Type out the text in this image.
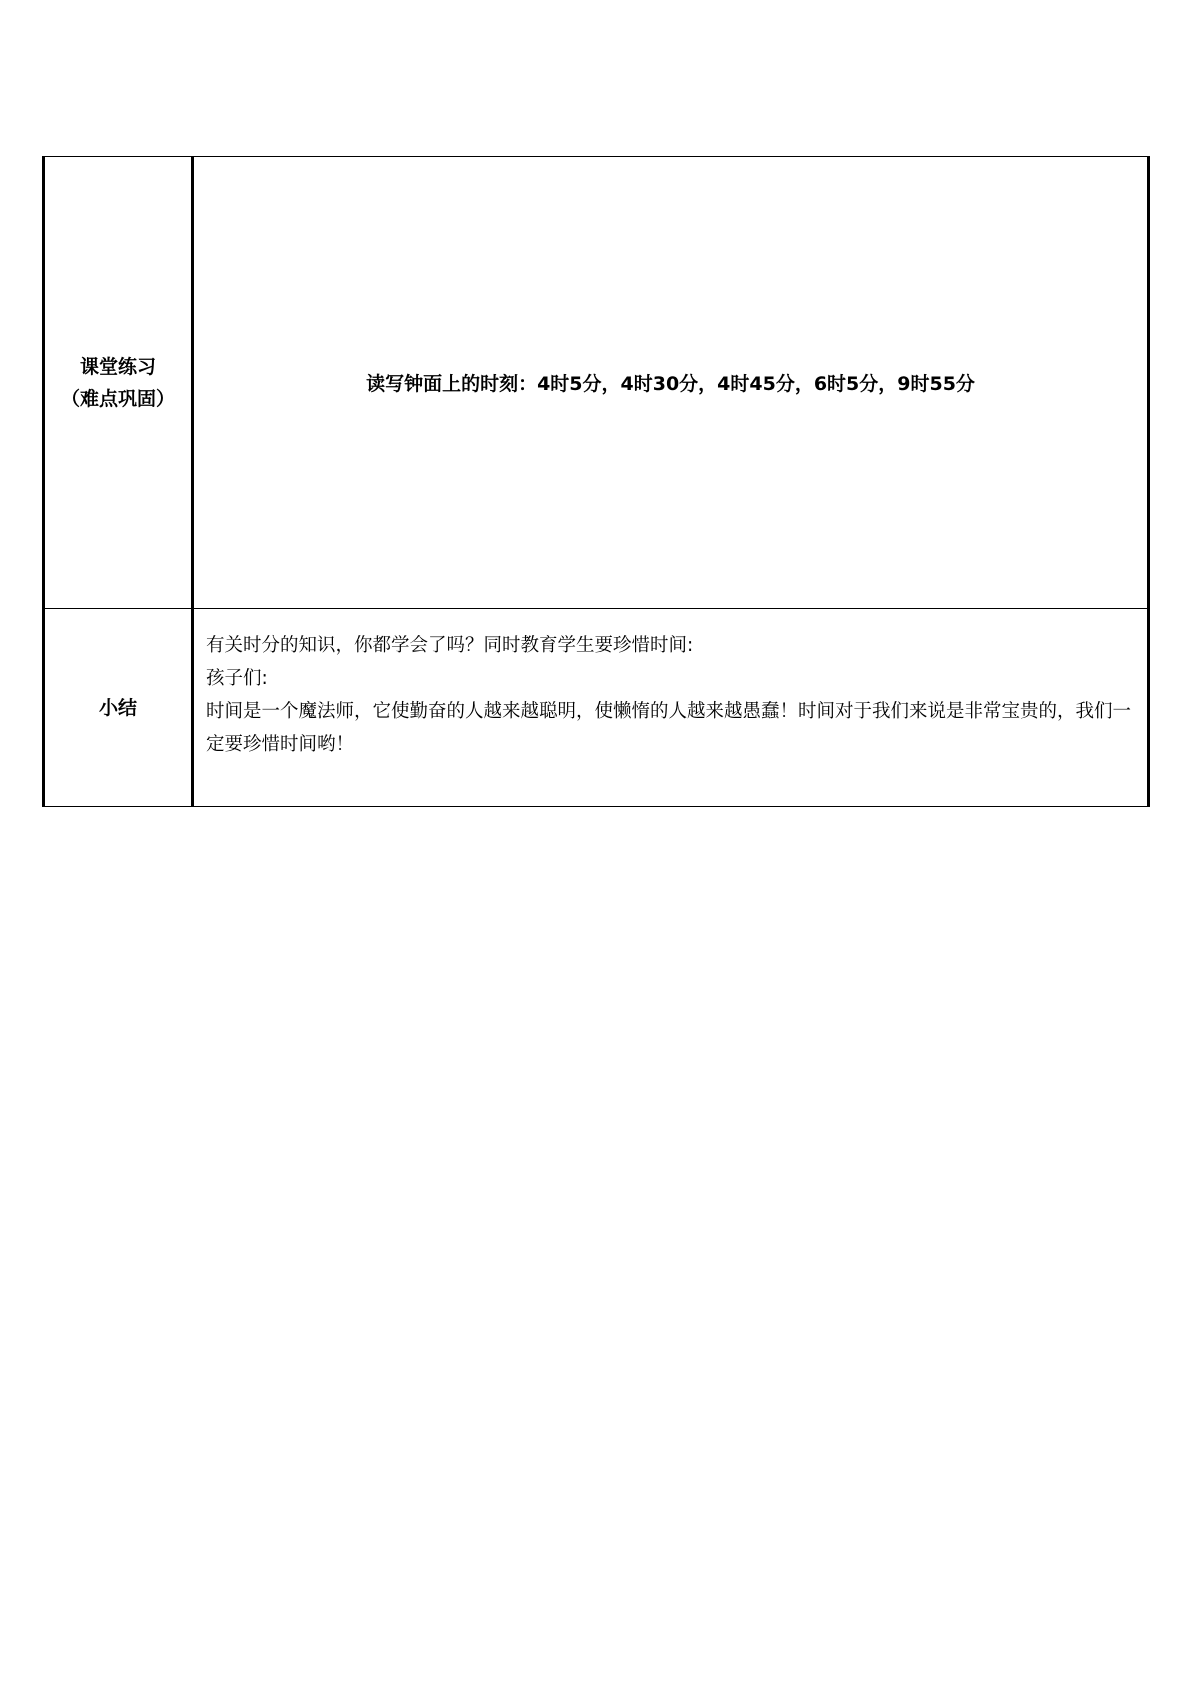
课堂练习
（难点巩固）	读写钟面上的时刻：4时5分，4时30分，4时45分，6时5分，9时55分

小结	有关时分的知识，你都学会了吗？同时教育学生要珍惜时间:

孩子们:

时间是一个魔法师，它使勤奋的人越来越聪明，使懒惰的人越来越愚蠢！时间对于我们来说是非常宝贵的，我们一定要珍惜时间哟！
